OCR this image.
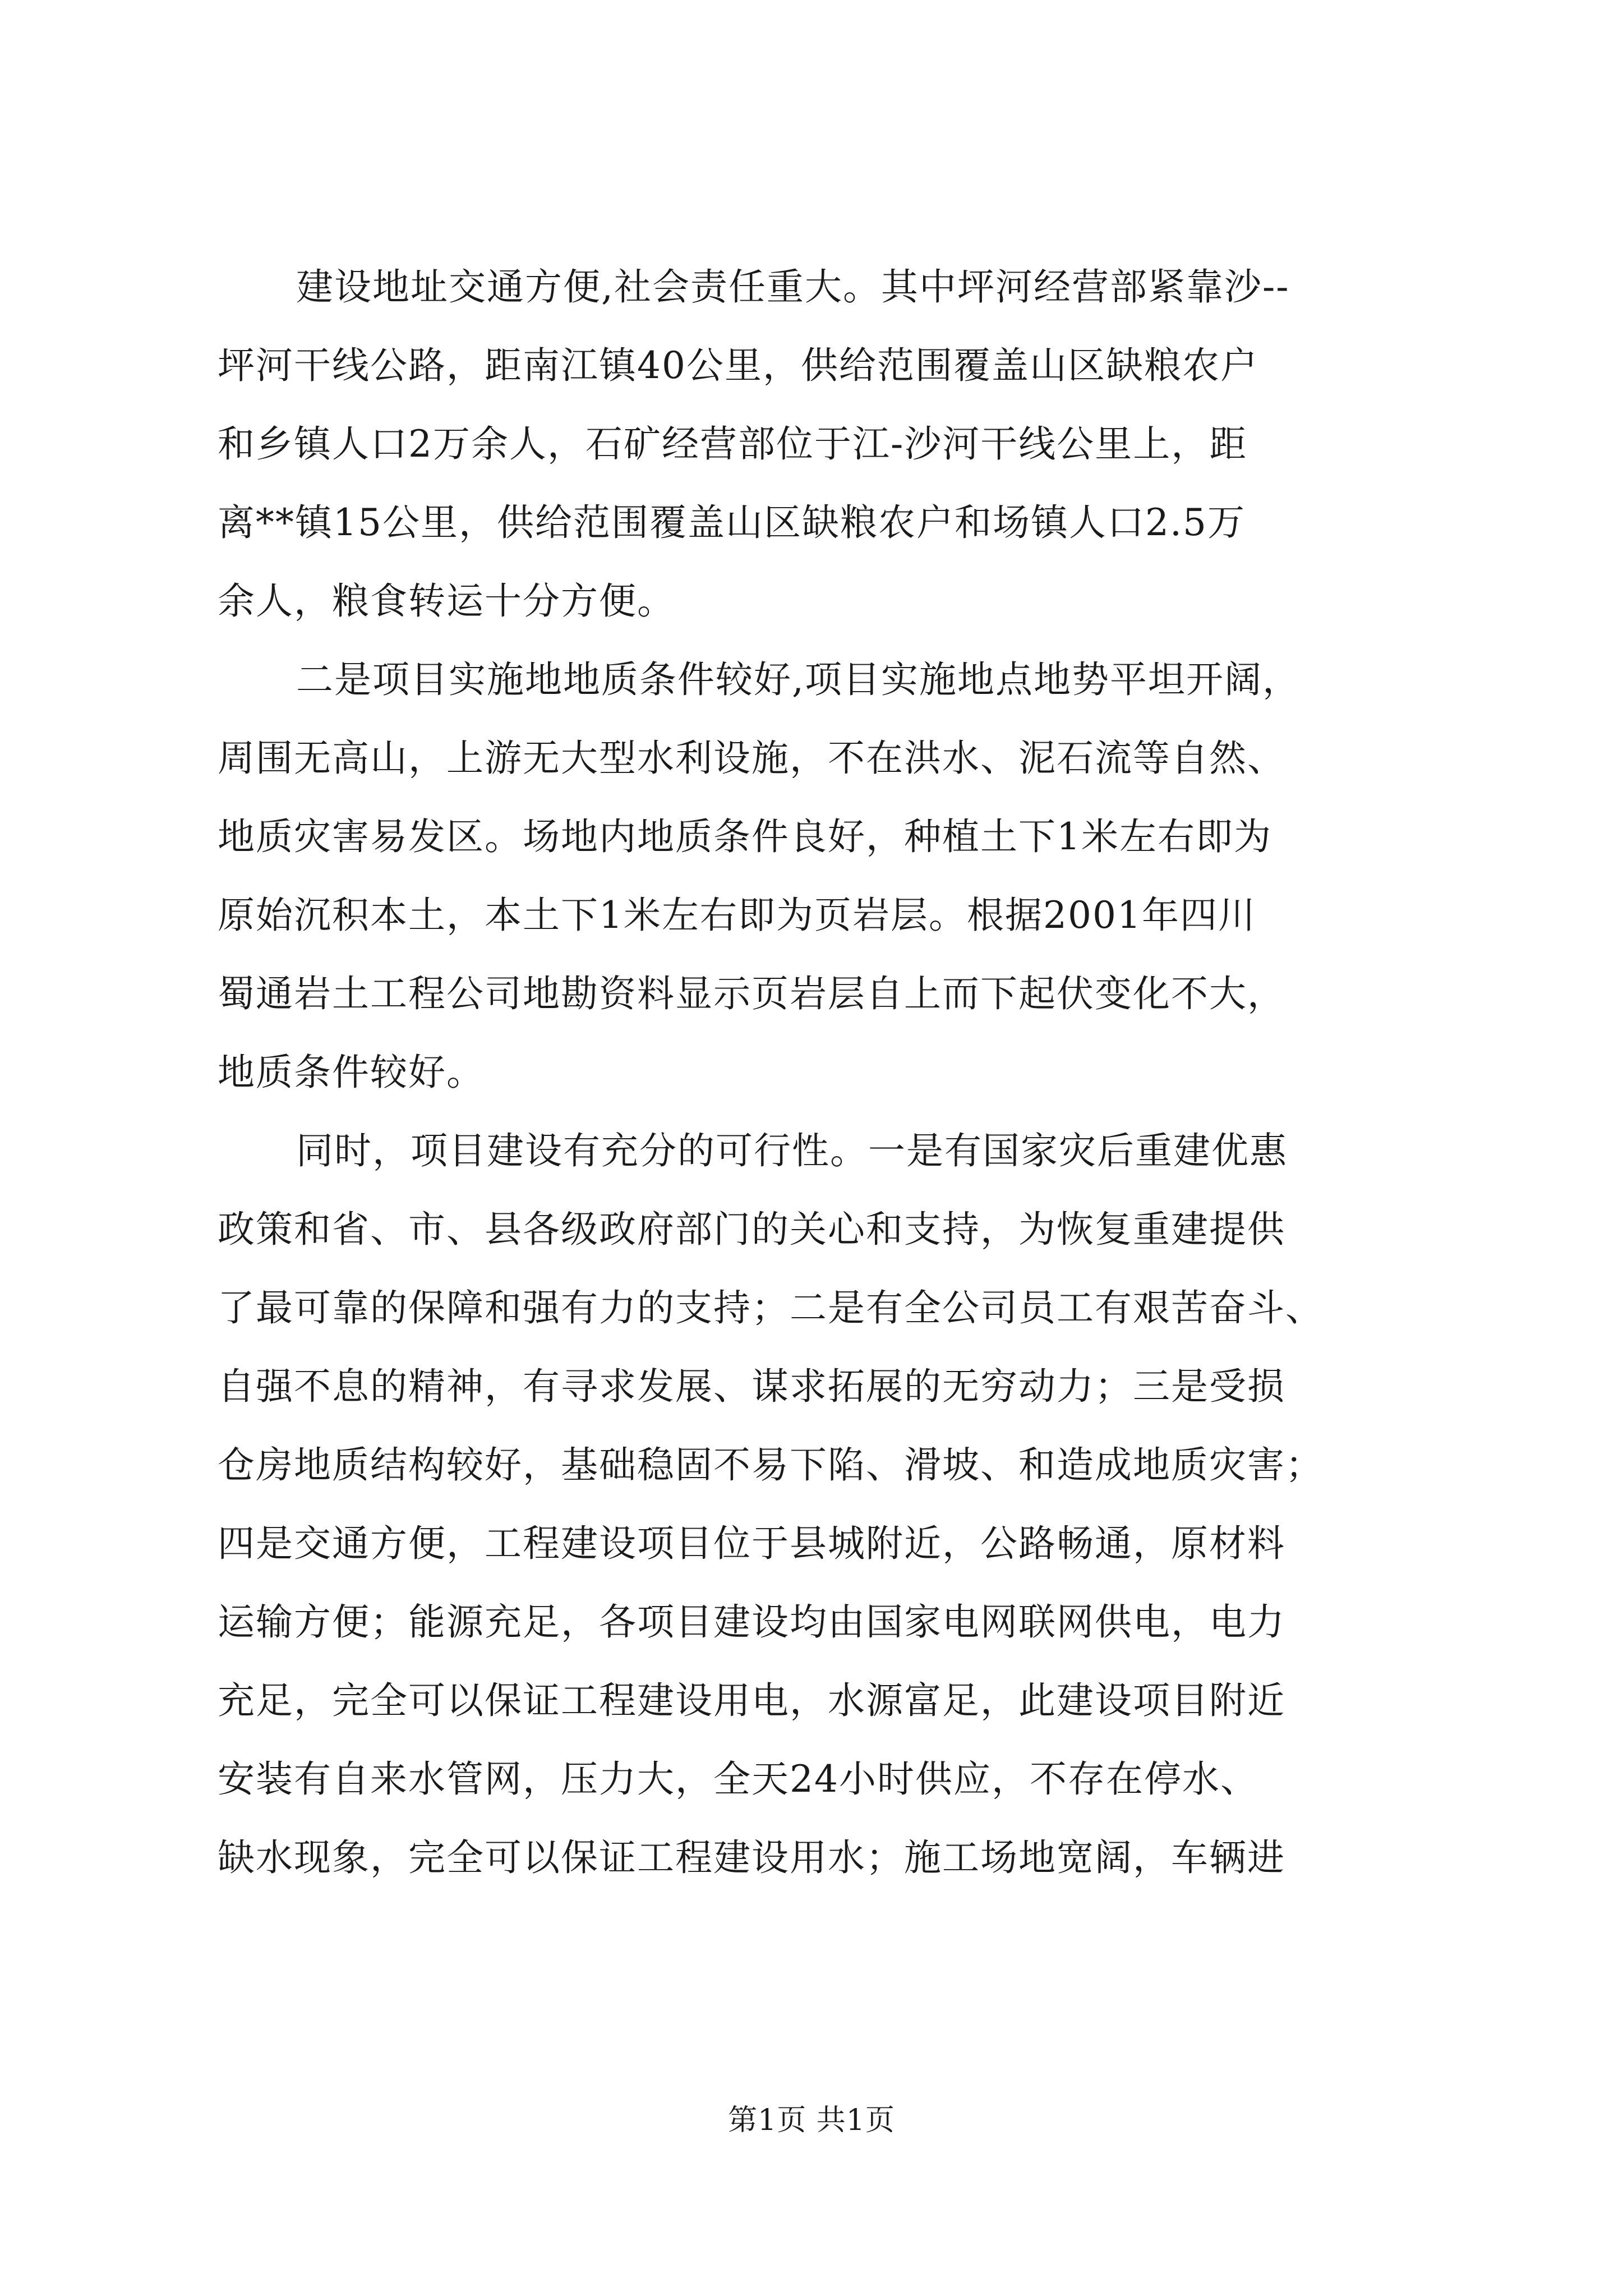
建设地址交通方便,社会责任重大。其中坪河经营部紧靠沙--
坪河干线公路，距南江镇40公里，供给范围覆盖山区缺粮农户
和乡镇人口2万余人，石矿经营部位于江-沙河干线公里上，距
离**镇15公里，供给范围覆盖山区缺粮农户和场镇人口2.5万
余人，粮食转运十分方便。
二是项目实施地地质条件较好,项目实施地点地势平坦开阔，
周围无高山，上游无大型水利设施，不在洪水、泥石流等自然、
地质灾害易发区。场地内地质条件良好，种植土下1米左右即为
原始沉积本土，本土下1米左右即为页岩层。根据2001年四川
蜀通岩土工程公司地勘资料显示页岩层自上而下起伏变化不大，
地质条件较好。
同时，项目建设有充分的可行性。一是有国家灾后重建优惠
政策和省、市、县各级政府部门的关心和支持，为恢复重建提供
了最可靠的保障和强有力的支持；二是有全公司员工有艰苦奋斗、
自强不息的精神，有寻求发展、谋求拓展的无穷动力；三是受损
仓房地质结构较好，基础稳固不易下陷、滑坡、和造成地质灾害；
四是交通方便，工程建设项目位于县城附近，公路畅通，原材料
运输方便；能源充足，各项目建设均由国家电网联网供电，电力
充足，完全可以保证工程建设用电，水源富足，此建设项目附近
安装有自来水管网，压力大，全天24小时供应，不存在停水、
缺水现象，完全可以保证工程建设用水；施工场地宽阔，车辆进
第1页 共1页
